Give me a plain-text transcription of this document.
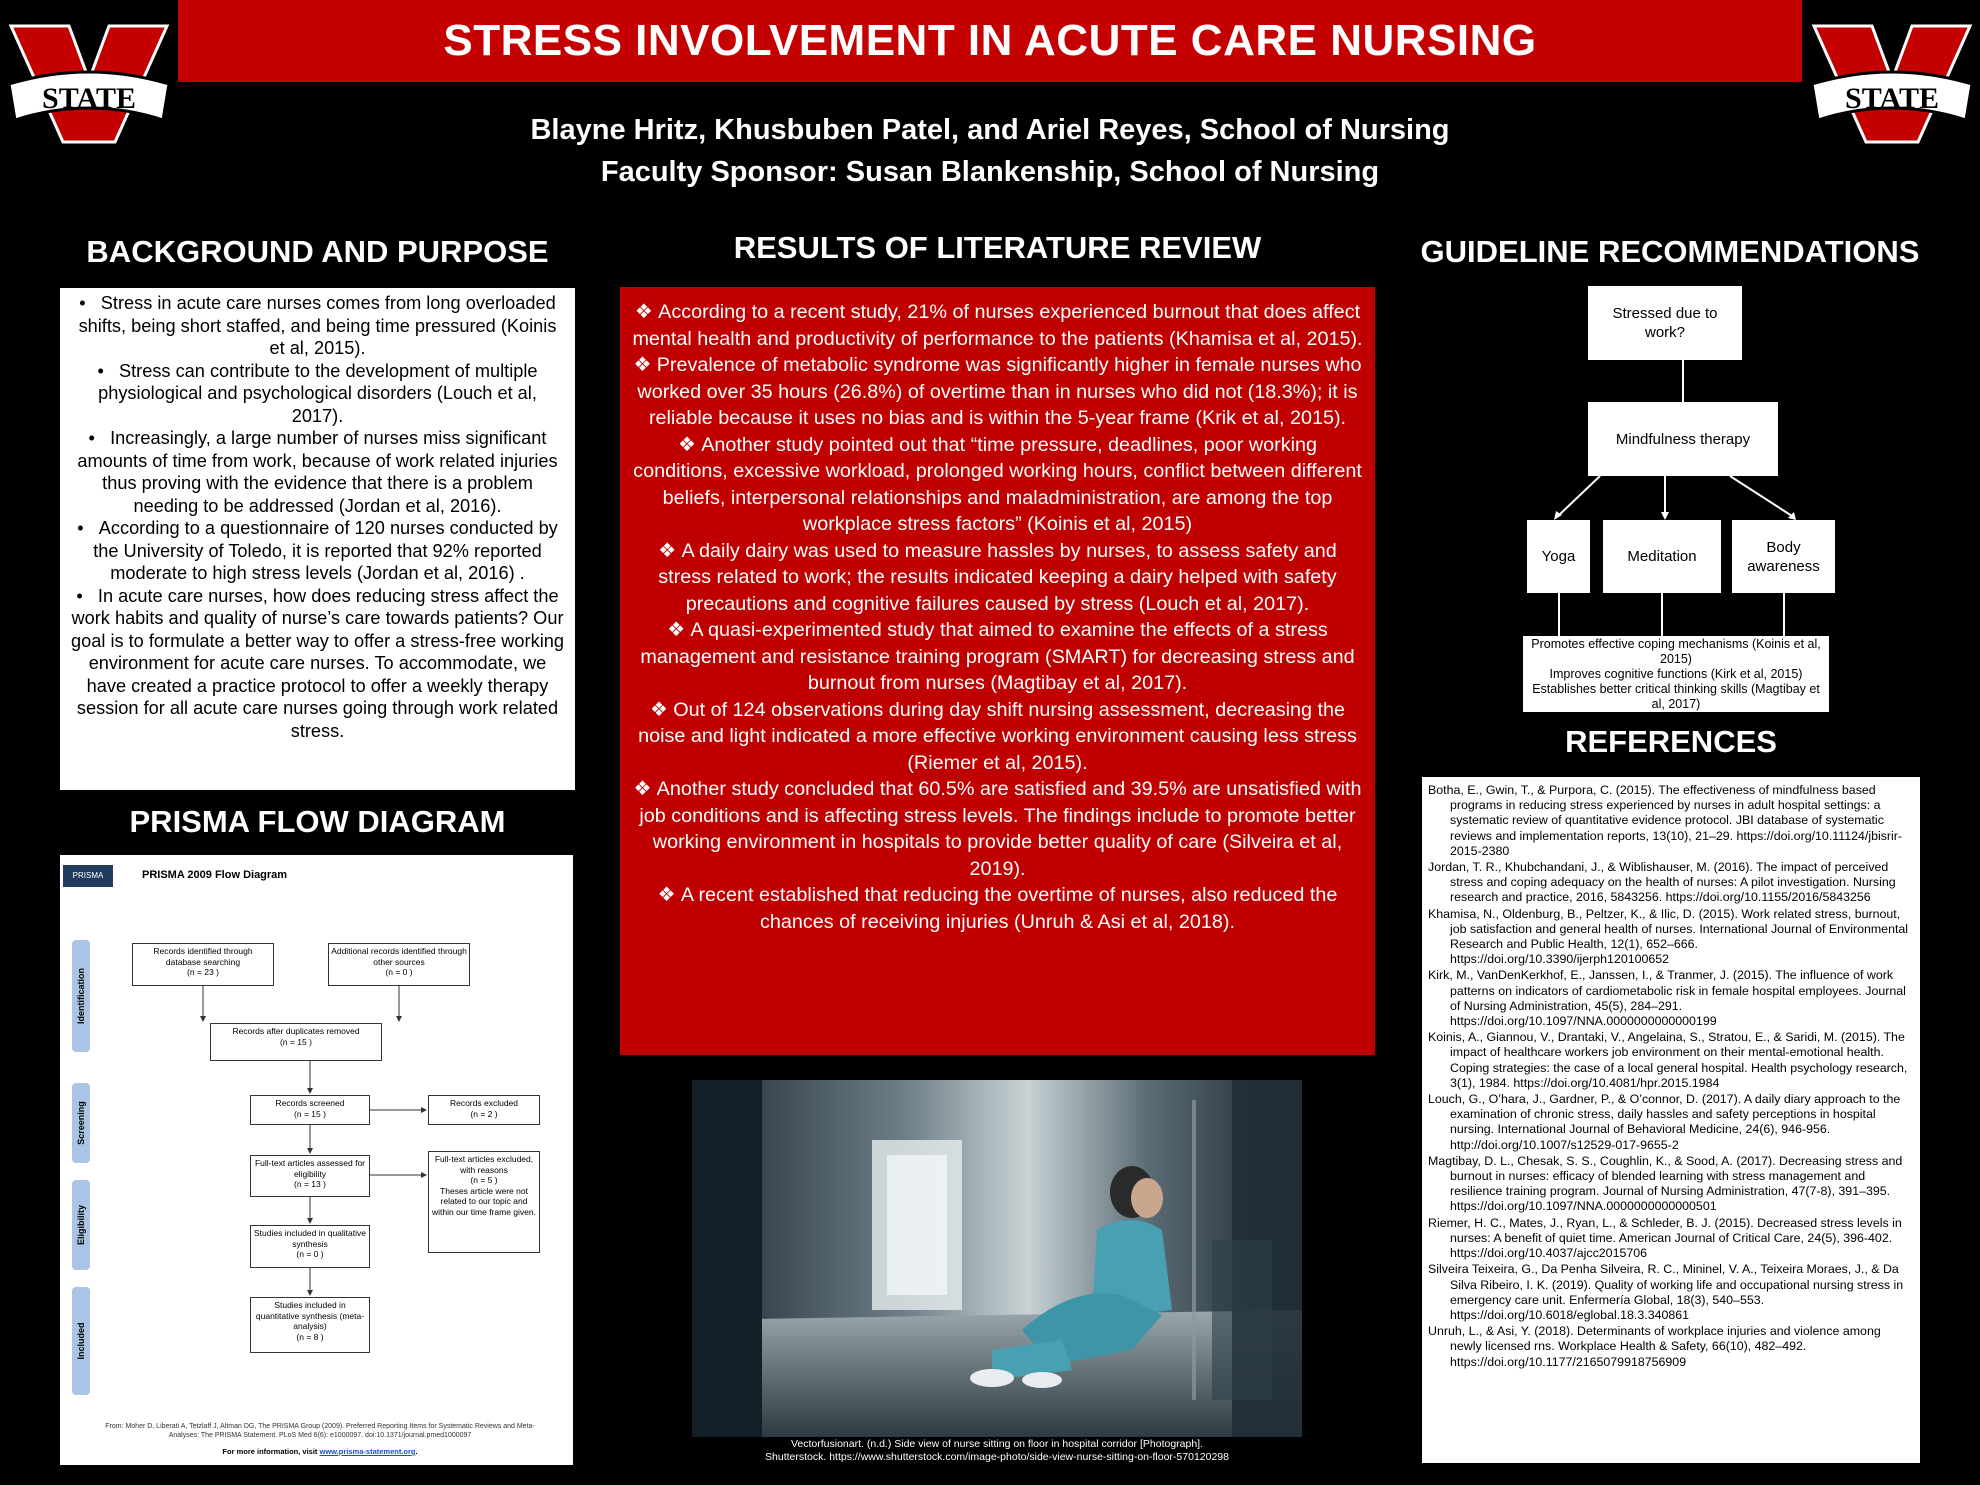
STATE	STATE
STRESS INVOLVEMENT IN ACUTE CARE NURSING
Blayne Hritz, Khusbuben Patel, and Ariel Reyes, School of Nursing
Faculty Sponsor: Susan Blankenship, School of Nursing
BACKGROUND AND PURPOSE
•   Stress in acute care nurses comes from long overloaded shifts, being short staffed, and being time pressured (Koinis et al, 2015).
•   Stress can contribute to the development of multiple physiological and psychological disorders (Louch et al, 2017).
•   Increasingly, a large number of nurses miss significant amounts of time from work, because of work related injuries thus proving with the evidence that there is a problem needing to be addressed (Jordan et al, 2016).
•   According to a questionnaire of 120 nurses conducted by the University of Toledo, it is reported that 92% reported moderate to high stress levels (Jordan et al, 2016) .
•   In acute care nurses, how does reducing stress affect the work habits and quality of nurse’s care towards patients? Our goal is to formulate a better way to offer a stress-free working environment for acute care nurses. To accommodate, we have created a practice protocol to offer a weekly therapy session for all acute care nurses going through work related stress.
PRISMA FLOW DIAGRAM
PRISMA	PRISMA 2009 Flow Diagram
Identification
Screening
Eligibility
Included
Records identified through database searching
(n = 23 )
Additional records identified through other sources
(n = 0 )
Records after duplicates removed
(n = 15 )
Records screened
(n = 15 )
Records excluded
(n = 2 )
Full-text articles assessed for eligibility
(n = 13 )
Full-text articles excluded, with reasons
(n = 5 )
Theses article were not related to our topic and within our time frame given.
Studies included in qualitative synthesis
(n = 0 )
Studies included in quantitative synthesis (meta-analysis)
(n = 8 )
From: Moher D, Liberati A, Tetzlaff J, Altman DG, The PRISMA Group (2009). Preferred Reporting Items for Systematic Reviews and Meta-Analyses: The PRISMA Statement. PLoS Med 6(6): e1000097. doi:10.1371/journal.pmed1000097
For more information, visit www.prisma-statement.org.
RESULTS OF LITERATURE REVIEW

❖ According to a recent study, 21% of nurses experienced burnout that does affect mental health and productivity of performance to the patients (Khamisa et al, 2015).

❖ Prevalence of metabolic syndrome was significantly higher in female nurses who worked over 35 hours (26.8%) of overtime than in nurses who did not (18.3%); it is reliable because it uses no bias and is within the 5-year frame (Krik et al, 2015).

❖ Another study pointed out that “time pressure, deadlines, poor working conditions, excessive workload, prolonged working hours, conflict between different beliefs, interpersonal relationships and maladministration, are among the top workplace stress factors” (Koinis et al, 2015)

❖ A daily dairy was used to measure hassles by nurses, to assess safety and stress related to work; the results indicated keeping a dairy helped with safety precautions and cognitive failures caused by stress (Louch et al, 2017).

❖ A quasi-experimented study that aimed to examine the effects of a stress management and resistance training program (SMART) for decreasing stress and burnout from nurses (Magtibay et al, 2017).

❖ Out of 124 observations during day shift nursing assessment, decreasing the noise and light indicated a more effective working environment causing less stress (Riemer et al, 2015).

❖ Another study concluded that 60.5% are satisfied and 39.5% are unsatisfied with job conditions and is affecting stress levels. The findings include to promote better working environment in hospitals to provide better quality of care (Silveira et al, 2019).

❖ A recent established that reducing the overtime of nurses, also reduced the chances of receiving injuries (Unruh & Asi et al, 2018).

Vectorfusionart. (n.d.) Side view of nurse sitting on floor in hospital corridor [Photograph].
Shutterstock. https://www.shutterstock.com/image-photo/side-view-nurse-sitting-on-floor-570120298
GUIDELINE RECOMMENDATIONS
Stressed due to work?
Mindfulness therapy
Yoga	Meditation
Body awareness
Promotes effective coping mechanisms (Koinis et al, 2015)
Improves cognitive functions (Kirk et al, 2015)
Establishes better critical thinking skills (Magtibay et al, 2017)
REFERENCES

Botha, E., Gwin, T., & Purpora, C. (2015). The effectiveness of mindfulness based programs in reducing stress experienced by nurses in adult hospital settings: a systematic review of quantitative evidence protocol. JBI database of systematic reviews and implementation reports, 13(10), 21–29. https://doi.org/10.11124/jbisrir-2015-2380

Jordan, T. R., Khubchandani, J., & Wiblishauser, M. (2016). The impact of perceived stress and coping adequacy on the health of nurses: A pilot investigation. Nursing research and practice, 2016, 5843256. https://doi.org/10.1155/2016/5843256

Khamisa, N., Oldenburg, B., Peltzer, K., & Ilic, D. (2015). Work related stress, burnout, job satisfaction and general health of nurses. International Journal of Environmental Research and Public Health, 12(1), 652–666. https://doi.org/10.3390/ijerph120100652

Kirk, M., VanDenKerkhof, E., Janssen, I., & Tranmer, J. (2015). The influence of work patterns on indicators of cardiometabolic risk in female hospital employees. Journal of Nursing Administration, 45(5), 284–291. https://doi.org/10.1097/NNA.0000000000000199

Koinis, A., Giannou, V., Drantaki, V., Angelaina, S., Stratou, E., & Saridi, M. (2015). The impact of healthcare workers job environment on their mental-emotional health. Coping strategies: the case of a local general hospital. Health psychology research, 3(1), 1984. https://doi.org/10.4081/hpr.2015.1984

Louch, G., O’hara, J., Gardner, P., & O’connor, D. (2017). A daily diary approach to the examination of chronic stress, daily hassles and safety perceptions in hospital nursing. International Journal of Behavioral Medicine, 24(6), 946-956. http://doi.org/10.1007/s12529-017-9655-2

Magtibay, D. L., Chesak, S. S., Coughlin, K., & Sood, A. (2017). Decreasing stress and burnout in nurses: efficacy of blended learning with stress management and resilience training program. Journal of Nursing Administration, 47(7-8), 391–395. https://doi.org/10.1097/NNA.0000000000000501

Riemer, H. C., Mates, J., Ryan, L., & Schleder, B. J. (2015). Decreased stress levels in nurses: A benefit of quiet time. American Journal of Critical Care, 24(5), 396-402. https://doi.org/10.4037/ajcc2015706

Silveira Teixeira, G., Da Penha Silveira, R. C., Mininel, V. A., Teixeira Moraes, J., & Da Silva Ribeiro, I. K. (2019). Quality of working life and occupational nursing stress in emergency care unit. Enfermería Global, 18(3), 540–553. https://doi.org/10.6018/eglobal.18.3.340861

Unruh, L., & Asi, Y. (2018). Determinants of workplace injuries and violence among newly licensed rns. Workplace Health & Safety, 66(10), 482–492. https://doi.org/10.1177/2165079918756909
